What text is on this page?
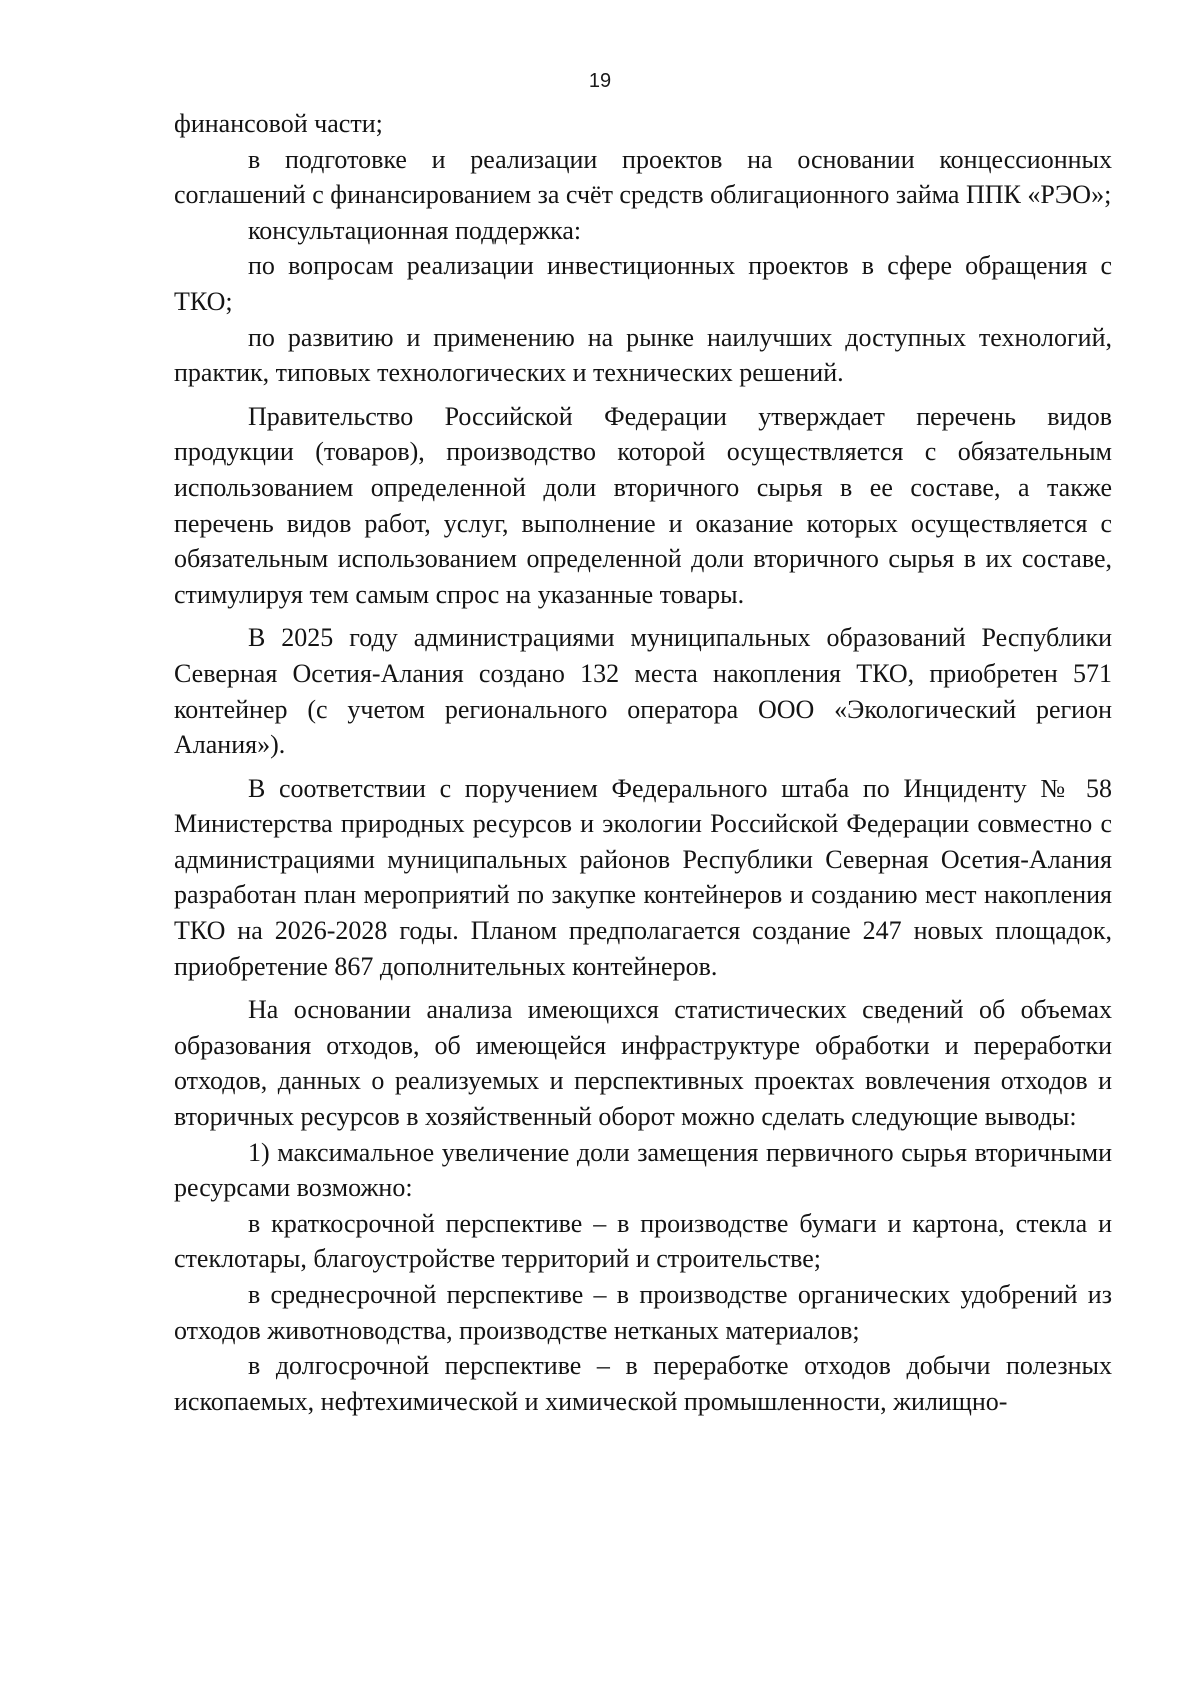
19

финансовой части;

в подготовке и реализации проектов на основании концессионных соглашений с финансированием за счёт средств облигационного займа ППК «РЭО»;

консультационная поддержка:

по вопросам реализации инвестиционных проектов в сфере обращения с ТКО;

по развитию и применению на рынке наилучших доступных технологий, практик, типовых технологических и технических решений.

Правительство Российской Федерации утверждает перечень видов продукции (товаров), производство которой осуществляется с обязательным использованием определенной доли вторичного сырья в ее составе, а также перечень видов работ, услуг, выполнение и оказание которых осуществляется с обязательным использованием определенной доли вторичного сырья в их составе, стимулируя тем самым спрос на указанные товары.

В 2025 году администрациями муниципальных образований Республики Северная Осетия-Алания создано 132 места накопления ТКО, приобретен 571 контейнер (с учетом регионального оператора ООО «Экологический регион Алания»).

В соответствии с поручением Федерального штаба по Инциденту № 58 Министерства природных ресурсов и экологии Российской Федерации совместно с администрациями муниципальных районов Республики Северная Осетия-Алания разработан план мероприятий по закупке контейнеров и созданию мест накопления ТКО на 2026-2028 годы. Планом предполагается создание 247 новых площадок, приобретение 867 дополнительных контейнеров.

На основании анализа имеющихся статистических сведений об объемах образования отходов, об имеющейся инфраструктуре обработки и переработки отходов, данных о реализуемых и перспективных проектах вовлечения отходов и вторичных ресурсов в хозяйственный оборот можно сделать следующие выводы:

1) максимальное увеличение доли замещения первичного сырья вторичными ресурсами возможно:

в краткосрочной перспективе – в производстве бумаги и картона, стекла и стеклотары, благоустройстве территорий и строительстве;

в среднесрочной перспективе – в производстве органических удобрений из отходов животноводства, производстве нетканых материалов;

в долгосрочной перспективе – в переработке отходов добычи полезных ископаемых, нефтехимической и химической промышленности, жилищно-
